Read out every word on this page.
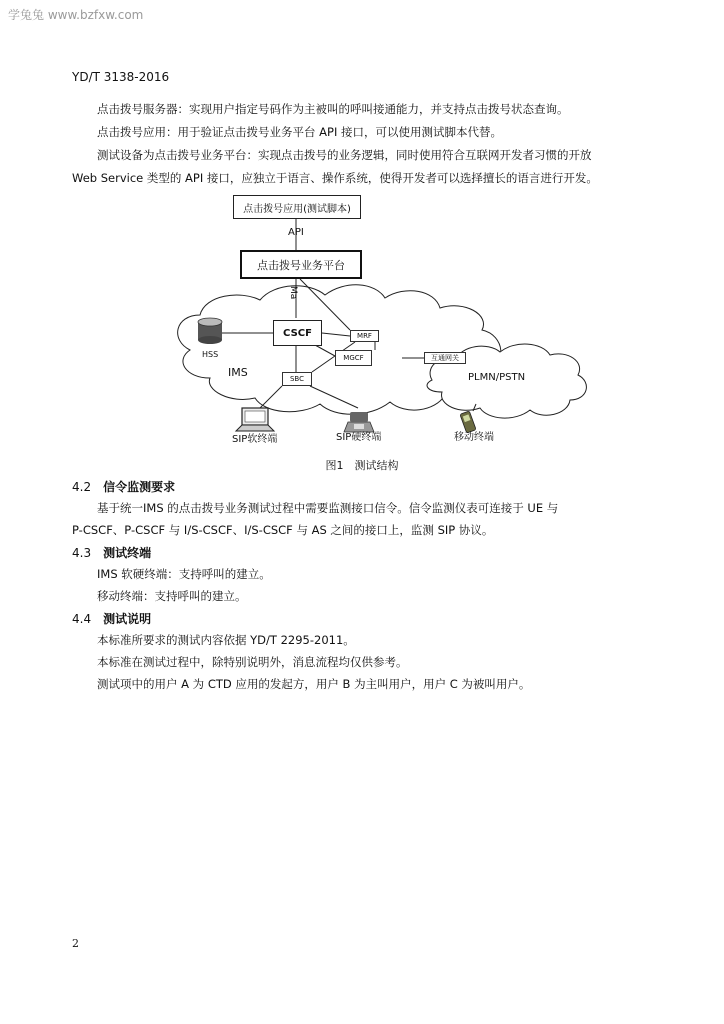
学兔兔 www.bzfxw.com
YD/T 3138-2016
点击拨号服务器：实现用户指定号码作为主被叫的呼叫接通能力，并支持点击拨号状态查询。
点击拨号应用：用于验证点击拨号业务平台 API 接口，可以使用测试脚本代替。
测试设备为点击拨号业务平台：实现点击拨号的业务逻辑，同时使用符合互联网开发者习惯的开放
Web Service 类型的 API 接口，应独立于语言、操作系统，使得开发者可以选择擅长的语言进行开发。
点击拨号应用(测试脚本)
API
点击拨号业务平台
Ma
CSCF
HSS
MRF
MGCF
IMS	SBC
互通网关
PLMN/PSTN
SIP软终端	SIP硬终端	移动终端
图1　测试结构
4.2 信令监测要求
基于统一IMS 的点击拨号业务测试过程中需要监测接口信令。信令监测仪表可连接于 UE 与
P-CSCF、P-CSCF 与 I/S-CSCF、I/S-CSCF 与 AS 之间的接口上，监测 SIP 协议。
4.3 测试终端
IMS 软硬终端：支持呼叫的建立。
移动终端：支持呼叫的建立。
4.4 测试说明
本标准所要求的测试内容依据 YD/T 2295-2011。
本标准在测试过程中，除特别说明外，消息流程均仅供参考。
测试项中的用户 A 为 CTD 应用的发起方，用户 B 为主叫用户，用户 C 为被叫用户。
2
